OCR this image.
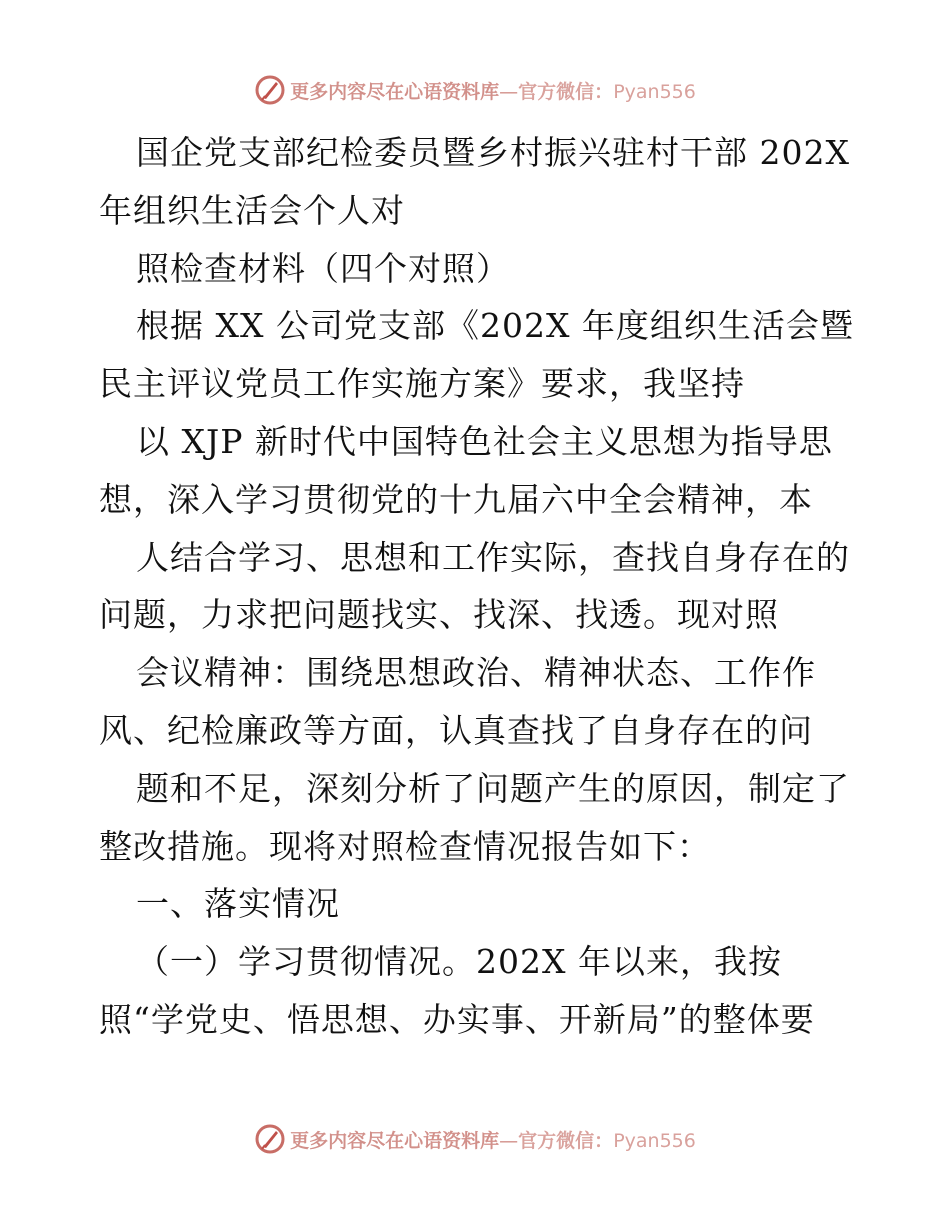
更多内容尽在心语资料库—官方微信：Pyan556
国企党支部纪检委员暨乡村振兴驻村干部 202X
年组织生活会个人对
照检查材料（四个对照）
根据 XX 公司党支部《202X 年度组织生活会暨
民主评议党员工作实施方案》要求，我坚持
以 XJP 新时代中国特色社会主义思想为指导思
想，深入学习贯彻党的十九届六中全会精神，本
人结合学习、思想和工作实际，查找自身存在的
问题，力求把问题找实、找深、找透。现对照
会议精神：围绕思想政治、精神状态、工作作
风、纪检廉政等方面，认真查找了自身存在的问
题和不足，深刻分析了问题产生的原因，制定了
整改措施。现将对照检查情况报告如下：
一、落实情况
（一）学习贯彻情况。202X 年以来，我按
照“学党史、悟思想、办实事、开新局”的整体要
更多内容尽在心语资料库—官方微信：Pyan556
